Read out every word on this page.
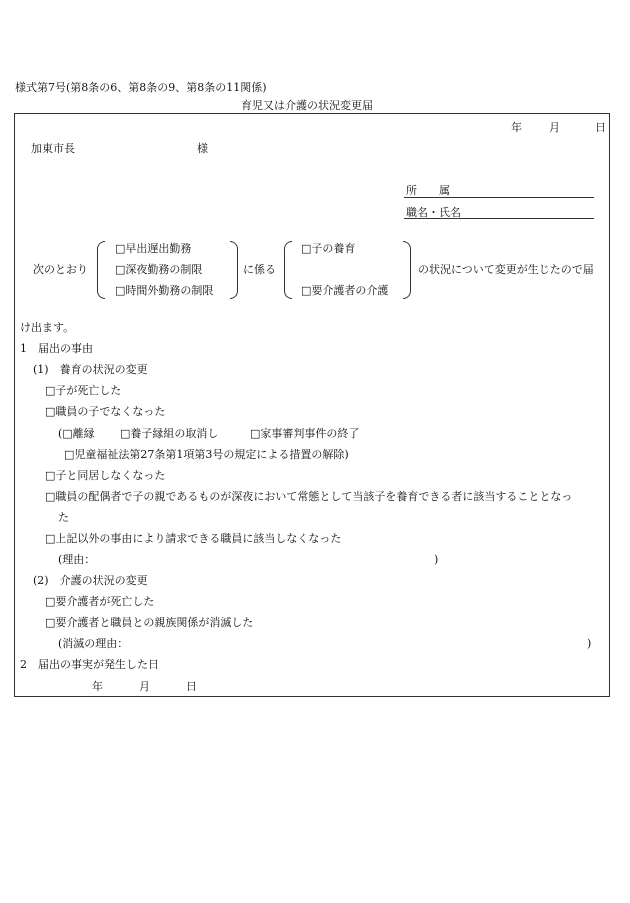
様式第7号(第8条の6、第8条の9、第8条の11関係)
育児又は介護の状況変更届
年 月	日
加東市長	様
所　　属
職名・氏名
次のとおり
□早出遅出勤務
□深夜勤務の制限
□時間外勤務の制限
に係る
□子の養育
□要介護者の介護
の状況について変更が生じたので届
け出ます。
1　届出の事由
(1)　養育の状況の変更
□子が死亡した
□職員の子でなくなった
(□離縁 □養子縁組の取消し	□家事審判事件の終了
□児童福祉法第27条第1項第3号の規定による措置の解除)
□子と同居しなくなった
□職員の配偶者で子の親であるものが深夜において常態として当該子を養育できる者に該当することとなっ
た
□上記以外の事由により請求できる職員に該当しなくなった
(理由：	)
(2)　介護の状況の変更
□要介護者が死亡した
□要介護者と職員との親族関係が消滅した
(消滅の理由：	)
2　届出の事実が発生した日
年	月	日
